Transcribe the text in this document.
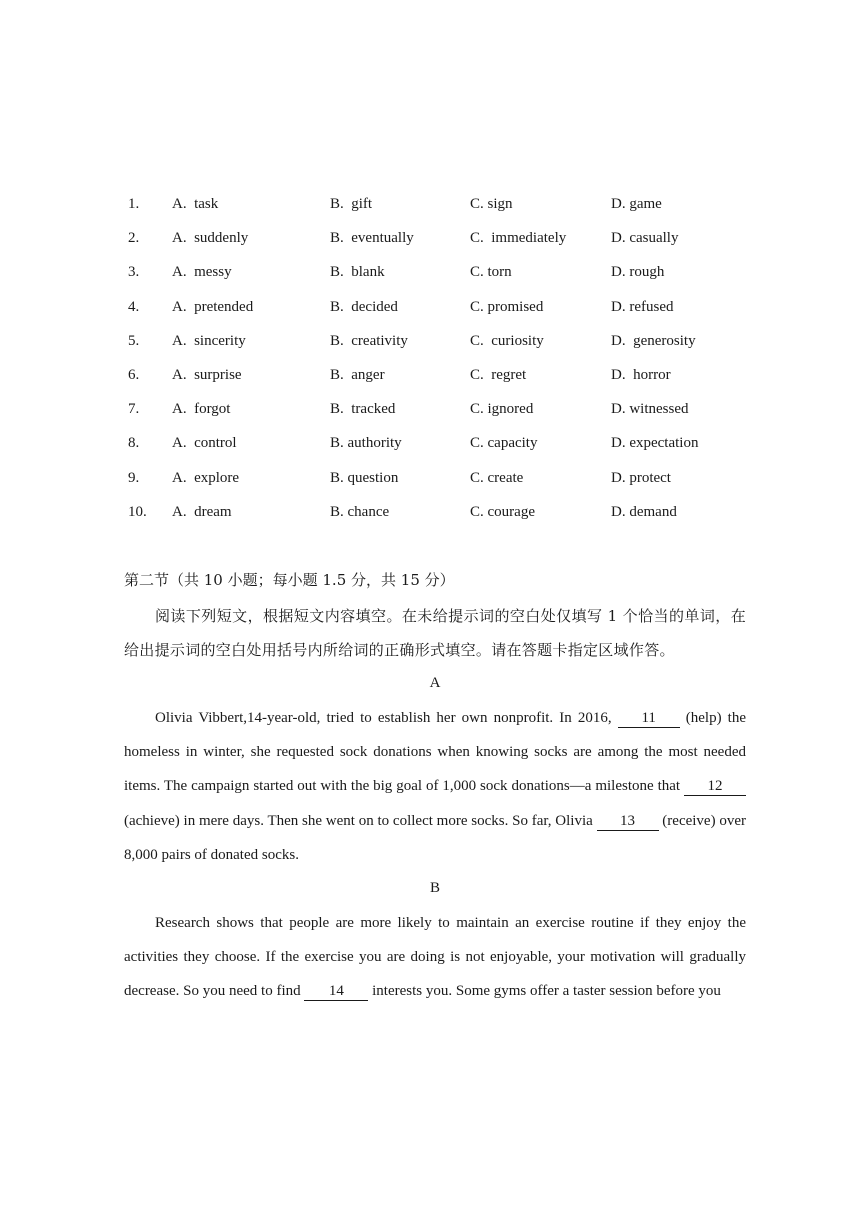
1. A.  task	B.  gift	C. sign	D. game
2. A.  suddenly	B.  eventually	C.  immediately	D. casually
3. A.  messy	B.  blank	C. torn	D. rough
4. A.  pretended	B.  decided	C. promised	D. refused
5. A.  sincerity	B.  creativity	C.  curiosity	D.  generosity
6. A.  surprise	B.  anger	C.  regret	D.  horror
7. A.  forgot	B.  tracked	C. ignored	D. witnessed
8. A.  control	B. authority	C. capacity	D. expectation
9. A.  explore	B. question	C. create	D. protect
10. A.  dream	B. chance	C. courage	D. demand
第二节（共 10 小题；每小题 1.5 分，共 15 分）
阅读下列短文，根据短文内容填空。在未给提示词的空白处仅填写 1 个恰当的单词，在给出提示词的空白处用括号内所给词的正确形式填空。请在答题卡指定区域作答。
A
Olivia Vibbert,14-year-old, tried to establish her own nonprofit. In 2016, 11 (help) the homeless in winter, she requested sock donations when knowing socks are among the most needed items. The campaign started out with the big goal of 1,000 sock donations—a milestone that 12 (achieve) in mere days. Then she went on to collect more socks. So far, Olivia 13 (receive) over 8,000 pairs of donated socks.
B
Research shows that people are more likely to maintain an exercise routine if they enjoy the activities they choose. If the exercise you are doing is not enjoyable, your motivation will gradually decrease. So you need to find 14 interests you. Some gyms offer a taster session before you
